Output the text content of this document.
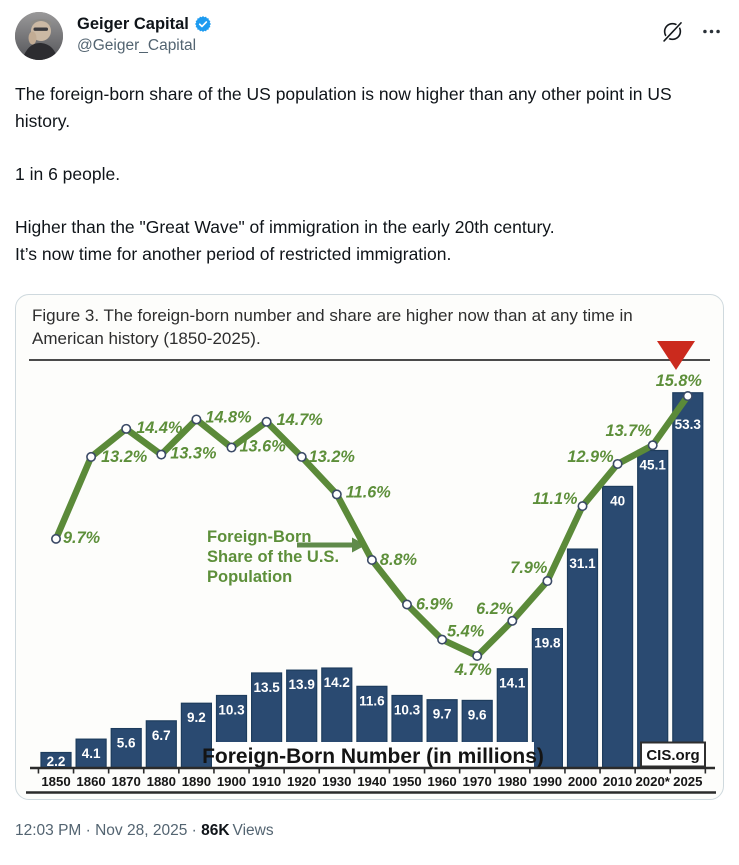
Geiger Capital
@Geiger_Capital

The foreign-born share of the US population is now higher than any other point in US history.

1 in 6 people.

Higher than the "Great Wave" of immigration in the early 20th century.

It’s now time for another period of restricted immigration.

Figure 3. The foreign-born number and share are higher now than at any time in American history (1850-2025).
Foreign-Born Number (in millions)	CIS.org
1850 1860 1870 1880 1890 1900 1910 1920 1930 1940 1950 1960 1970 1980 1990 2000 2010 2020* 2025
2.2
4.1
5.6
6.7
9.2
10.3
13.5 13.9 14.2
11.6
10.3 9.7 9.6
14.1
19.8
31.1
40
45.1
53.3
Foreign-Born
Share of the U.S.
Population
9.7%
13.2%
14.4%
13.3%
14.8%
13.6%
14.7%
13.2%
11.6%
8.8%
6.9%
5.4%
4.7%
6.2%
7.9%
11.1%
12.9%
13.7%
15.8%
12:03 PM · Nov 28, 2025 · 86K Views
